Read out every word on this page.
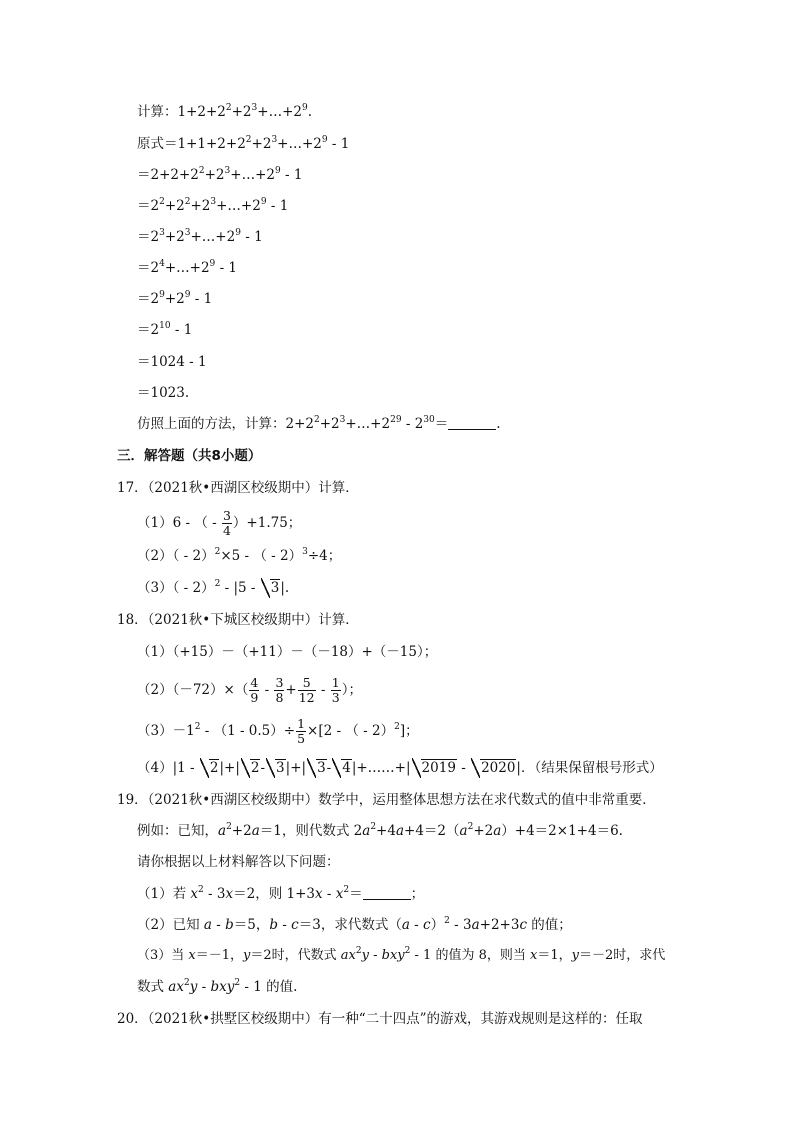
计算：$1+2+2^2+2^3+\dots+2^9$.
原式$=1+1+2+2^2+2^3+\dots+2^9 - 1$
$=2+2+2^2+2^3+\dots+2^9 - 1$
$=2^2+2^2+2^3+\dots+2^9 - 1$
$=2^3+2^3+\dots+2^9 - 1$
$=2^4+\dots+2^9 - 1$
$=2^9+2^9 - 1$
$=2^{10} - 1$
＝1024 - 1
＝1023.
仿照上面的方法，计算：$2+2^2+2^3+\dots+2^{29} - 2^{30}=$	.
三．解答题（共8小题）
17．（2021秋•西湖区校级期中）计算．
（1）6 - （ - $\frac{3}{4} )+1.75$；
（2）（ - 2）$^2$×5 - （ - 2）$^3$÷4；
（3）（ - 2）$^2$ - |5 - 3|.
18．（2021秋•下城区校级期中）计算．
（1）（+15）－（+11）－（－18）+（－15）；
$(2)(-72)\times( \frac{4}{9} - \frac{3}{8} + \frac{5}{12} - \frac{1}{3}$ ）；
$(3)-1^2 - (1 - 0.5)\div \frac{1}{5} \times[2$ - （ - 2）$^2$]；
（4）|1 - 2|+| 2- 3|+| 3- 4|+……+| 2019 - 2020|．（结果保留根号形式）
19．（2021秋•西湖区校级期中）数学中，运用整体思想方法在求代数式的值中非常重要．
例如：已知，$a^2+2a=1$，则代数式 $2a^2+4a+4=2(a^2+2a)+4=2\times 1+4=6$.
请你根据以上材料解答以下问题：
（1）若 $x^2 - 3x=2$，则 $1+3x - x^2=$	；
（2）已知 a - b＝5，b - c＝3，求代数式（a - c）$^2$ - 3a+2+3c 的值；
（3）当 x＝－1，y＝2时，代数式 $ax^2y - bxy^2 - 1$ 的值为 8，则当 x＝1，y＝－2时，求代
数式 $ax^2y - bxy^2 - 1$ 的值.
20．（2021秋•拱墅区校级期中）有一种“二十四点”的游戏，其游戏规则是这样的：任取
